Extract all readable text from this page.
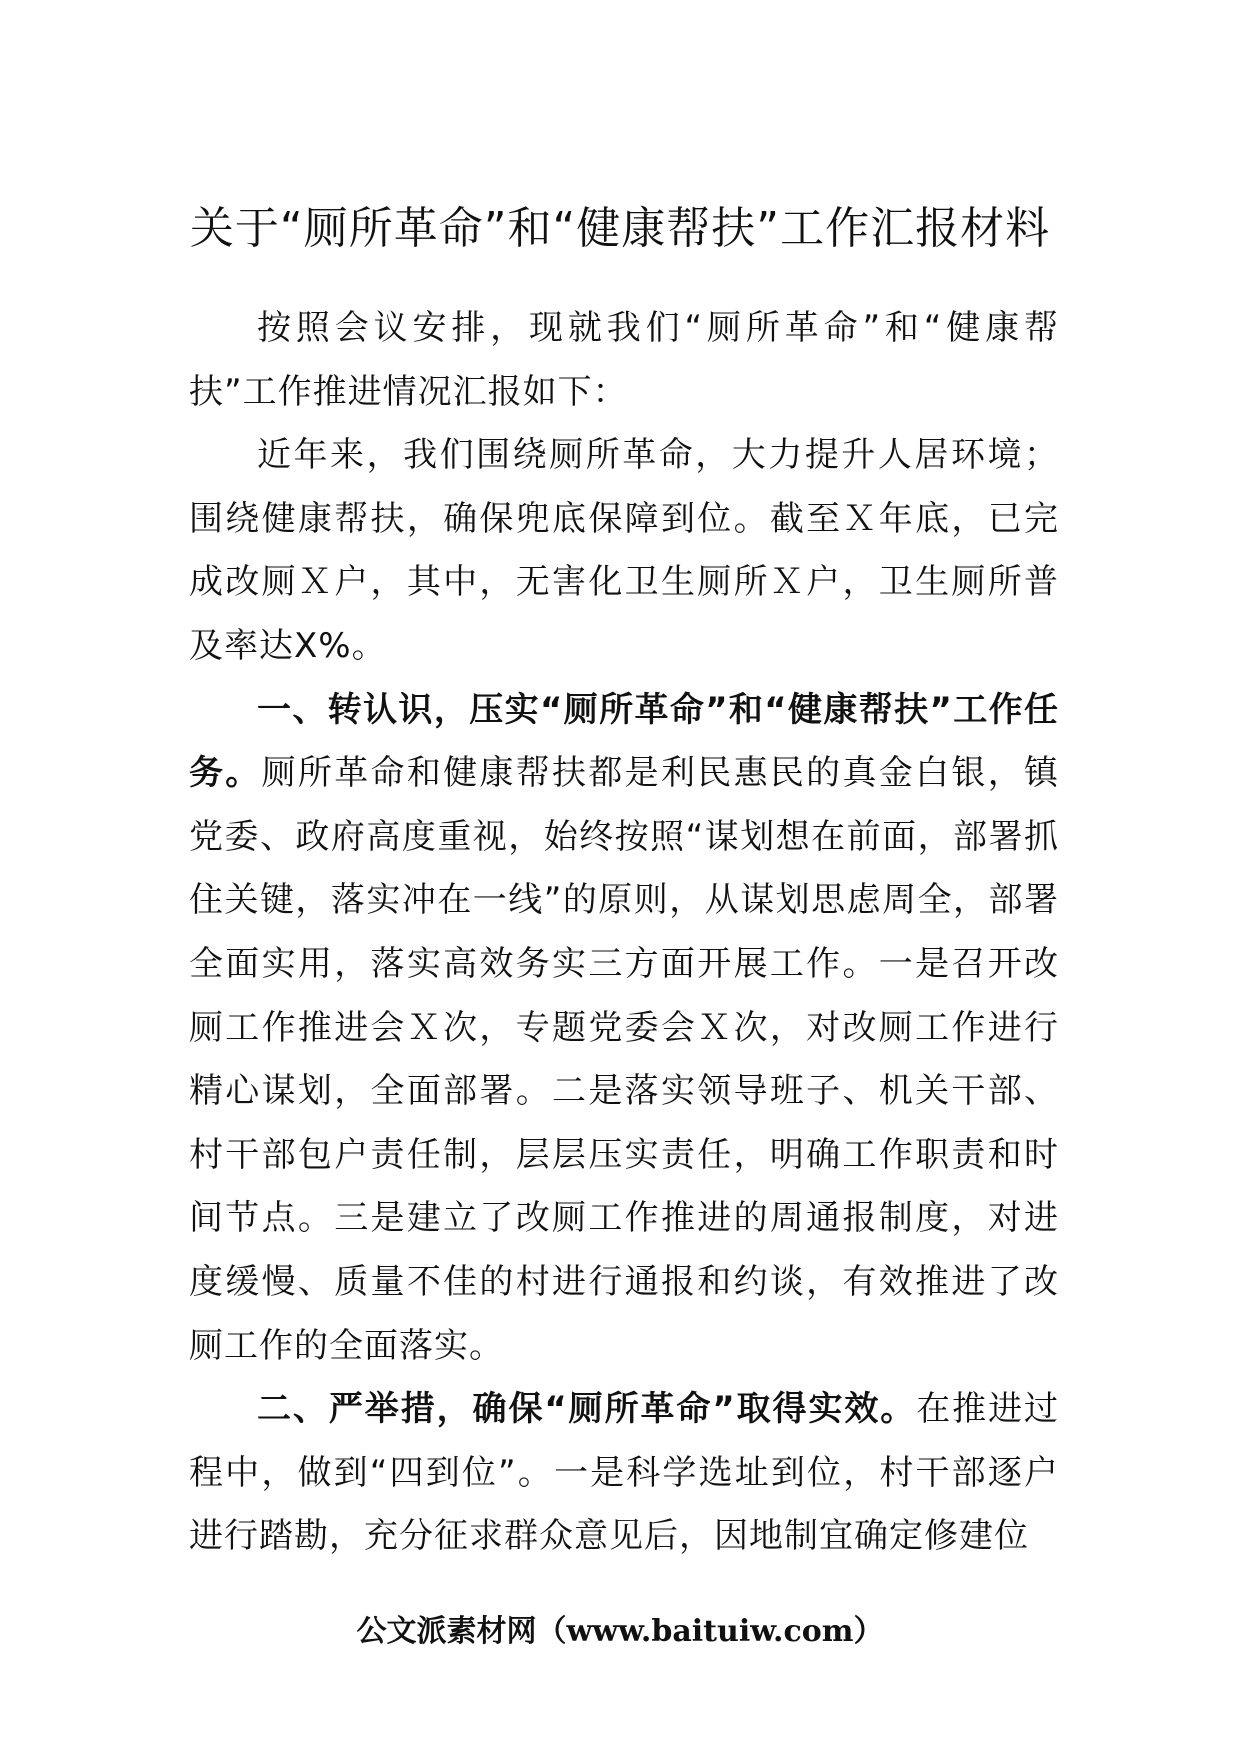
关于“厕所革命”和“健康帮扶”工作汇报材料

按照会议安排，现就我们“厕所革命”和“健康帮扶”工作推进情况汇报如下：

近年来，我们围绕厕所革命，大力提升人居环境；围绕健康帮扶，确保兜底保障到位。截至Ｘ年底，已完成改厕Ｘ户，其中，无害化卫生厕所Ｘ户，卫生厕所普及率达X%。

一、转认识，压实“厕所革命”和“健康帮扶”工作任务。厕所革命和健康帮扶都是利民惠民的真金白银，镇党委、政府高度重视，始终按照“谋划想在前面，部署抓住关键，落实冲在一线”的原则，从谋划思虑周全，部署全面实用，落实高效务实三方面开展工作。一是召开改厕工作推进会Ｘ次，专题党委会Ｘ次，对改厕工作进行精心谋划，全面部署。二是落实领导班子、机关干部、村干部包户责任制，层层压实责任，明确工作职责和时间节点。三是建立了改厕工作推进的周通报制度，对进度缓慢、质量不佳的村进行通报和约谈，有效推进了改厕工作的全面落实。

二、严举措，确保“厕所革命”取得实效。在推进过程中，做到“四到位”。一是科学选址到位，村干部逐户进行踏勘，充分征求群众意见后，因地制宜确定修建位

公文派素材网（www.baituiw.com）
